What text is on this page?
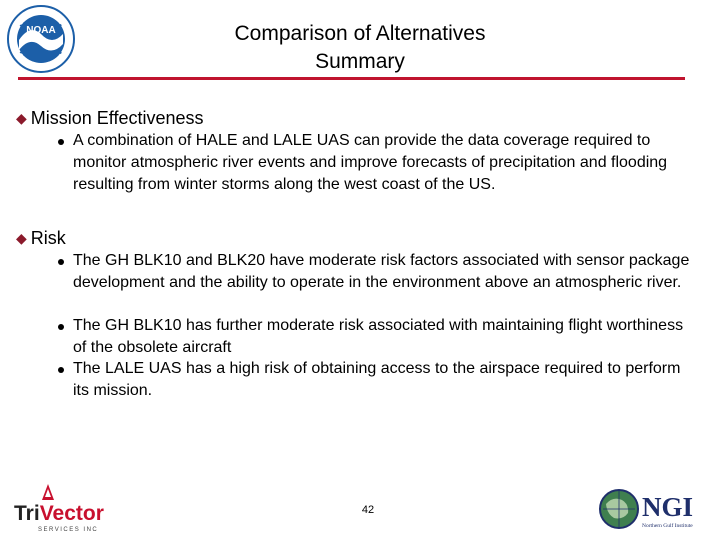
NOAA	Comparison of Alternatives
Summary
◆ Mission Effectiveness
A combination of HALE and LALE UAS can provide the data coverage required to monitor atmospheric river events and improve forecasts of precipitation and flooding resulting from winter storms along the west coast of the US.
◆ Risk
The GH BLK10 and BLK20 have moderate risk factors associated with sensor package development and the ability to operate in the environment above an atmospheric river.
The GH BLK10 has further moderate risk associated with maintaining flight worthiness of the obsolete aircraft
The LALE UAS has a high risk of obtaining access to the airspace required to perform its mission.
42
TriVector
SERVICES INC
NGI
Northern Gulf Institute
